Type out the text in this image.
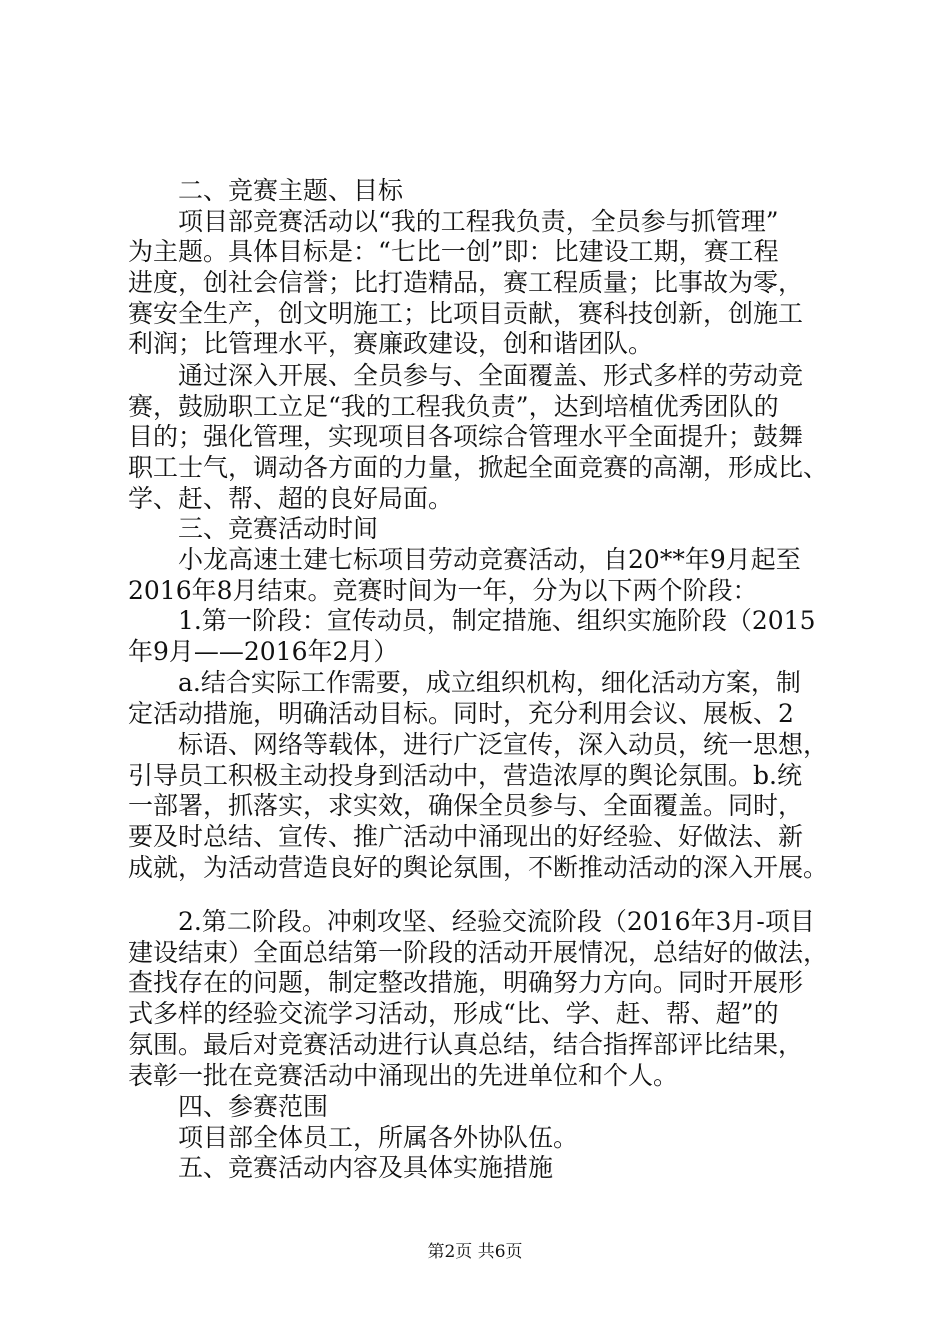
　　二、竞赛主题、目标
　　项目部竞赛活动以“我的工程我负责，全员参与抓管理”
为主题。具体目标是：“七比一创”即：比建设工期，赛工程
进度，创社会信誉；比打造精品，赛工程质量；比事故为零，
赛安全生产，创文明施工；比项目贡献，赛科技创新，创施工
利润；比管理水平，赛廉政建设，创和谐团队。
　　通过深入开展、全员参与、全面覆盖、形式多样的劳动竞
赛，鼓励职工立足“我的工程我负责”，达到培植优秀团队的
目的；强化管理，实现项目各项综合管理水平全面提升；鼓舞
职工士气，调动各方面的力量，掀起全面竞赛的高潮，形成比、
学、赶、帮、超的良好局面。
　　三、竞赛活动时间
　　小龙高速土建七标项目劳动竞赛活动，自20**年9月起至
2016年8月结束。竞赛时间为一年，分为以下两个阶段：
　　1.第一阶段：宣传动员，制定措施、组织实施阶段（2015
年9月——2016年2月）
　　a.结合实际工作需要，成立组织机构，细化活动方案，制
定活动措施，明确活动目标。同时，充分利用会议、展板、2
　　标语、网络等载体，进行广泛宣传，深入动员，统一思想，
引导员工积极主动投身到活动中，营造浓厚的舆论氛围。b.统
一部署，抓落实，求实效，确保全员参与、全面覆盖。同时，
要及时总结、宣传、推广活动中涌现出的好经验、好做法、新
成就，为活动营造良好的舆论氛围，不断推动活动的深入开展。
　　2.第二阶段。冲刺攻坚、经验交流阶段（2016年3月-项目
建设结束）全面总结第一阶段的活动开展情况，总结好的做法，
查找存在的问题，制定整改措施，明确努力方向。同时开展形
式多样的经验交流学习活动，形成“比、学、赶、帮、超”的
氛围。最后对竞赛活动进行认真总结，结合指挥部评比结果，
表彰一批在竞赛活动中涌现出的先进单位和个人。
　　四、参赛范围
　　项目部全体员工，所属各外协队伍。
　　五、竞赛活动内容及具体实施措施
第2页 共6页
